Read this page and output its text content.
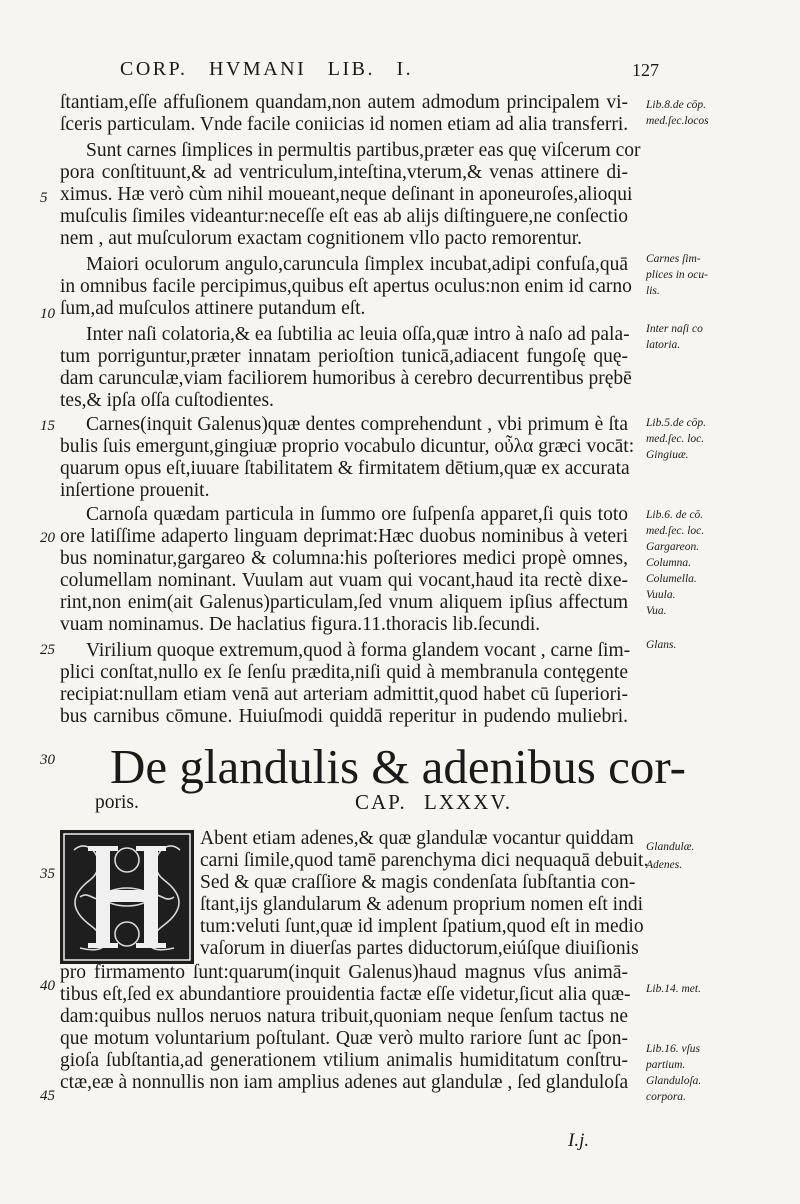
CORP. HVMANI LIB. I.	127
ſtantiam,eſſe affuſionem quandam,non autem admodum principalem vi-
ſceris particulam. Vnde facile coniicias id nomen etiam ad alia transferri.
Sunt carnes ſimplices in permultis partibus,præter eas quę viſcerum cor
pora conſtituunt,& ad ventriculum,inteſtina,vterum,& venas attinere di-
ximus. Hæ verò cùm nihil moueant,neque deſinant in aponeuroſes,alioqui
muſculis ſimiles videantur:neceſſe eſt eas ab alijs diſtinguere,ne conſectio
nem , aut muſculorum exactam cognitionem vllo pacto remorentur.
Maiori oculorum angulo,caruncula ſimplex incubat,adipi confuſa,quā
in omnibus facile percipimus,quibus eſt apertus oculus:non enim id carno
ſum,ad muſculos attinere putandum eſt.
Inter naſi colatoria,& ea ſubtilia ac leuia oſſa,quæ intro à naſo ad pala-
tum porriguntur,præter innatam perioſtion tunicā,adiacent fungoſę quę-
dam carunculæ,viam faciliorem humoribus à cerebro decurrentibus prębē
tes,& ipſa oſſa cuſtodientes.
Carnes(inquit Galenus)quæ dentes comprehendunt , vbi primum è ſta
bulis ſuis emergunt,gingiuæ proprio vocabulo dicuntur, οὖλα græci vocāt:
quarum opus eſt,iuuare ſtabilitatem & firmitatem dētium,quæ ex accurata
inſertione prouenit.
Carnoſa quædam particula in ſummo ore ſuſpenſa apparet,ſi quis toto
ore latiſſime adaperto linguam deprimat:Hæc duobus nominibus à veteri
bus nominatur,gargareo & columna:his poſteriores medici propè omnes,
columellam nominant. Vuulam aut vuam qui vocant,haud ita rectè dixe-
rint,non enim(ait Galenus)particulam,ſed vnum aliquem ipſius affectum
vuam nominamus. De haclatius figura.11.thoracis lib.ſecundi.
Virilium quoque extremum,quod à forma glandem vocant , carne ſim-
plici conſtat,nullo ex ſe ſenſu prædita,niſi quid à membranula contęgente
recipiat:nullam etiam venā aut arteriam admittit,quod habet cū ſuperiori-
bus carnibus cōmune. Huiuſmodi quiddā reperitur in pudendo muliebri.
De glandulis & adenibus cor-
poris.	CAP. LXXXV.
Abent etiam adenes,& quæ glandulæ vocantur quiddam
carni ſimile,quod tamē parenchyma dici nequaquā debuit.
Sed & quæ craſſiore & magis condenſata ſubſtantia con-
ſtant,ijs glandularum & adenum proprium nomen eſt indi
tum:veluti ſunt,quæ id implent ſpatium,quod eſt in medio
vaſorum in diuerſas partes diductorum,eiúſque diuiſionis
pro firmamento ſunt:quarum(inquit Galenus)haud magnus vſus animā-
tibus eſt,ſed ex abundantiore prouidentia factæ eſſe videtur,ſicut alia quæ-
dam:quibus nullos neruos natura tribuit,quoniam neque ſenſum tactus ne
que motum voluntarium poſtulant. Quæ verò multo rariore ſunt ac ſpon-
gioſa ſubſtantia,ad generationem vtilium animalis humiditatum conſtru-
ctæ,eæ à nonnullis non iam amplius adenes aut glandulæ , ſed glanduloſa
5
10
15
20
25
30
35
40
45
Lib.8.de cōp.
med.ſec.locos
Carnes ſim-
plices in ocu-
lis.
Inter naſi co
latoria.
Lib.5.de cōp.
med.ſec. loc.
Gingiuæ.
Lib.6. de cō.
med.ſec. loc.
Gargareon.
Columna.
Columella.
Vuula.
Vua.
Glans.
Glandulæ.
Adenes.
Lib.14. met.
Lib.16. vſus
partium.
Glanduloſa.
corpora.
I.j.
